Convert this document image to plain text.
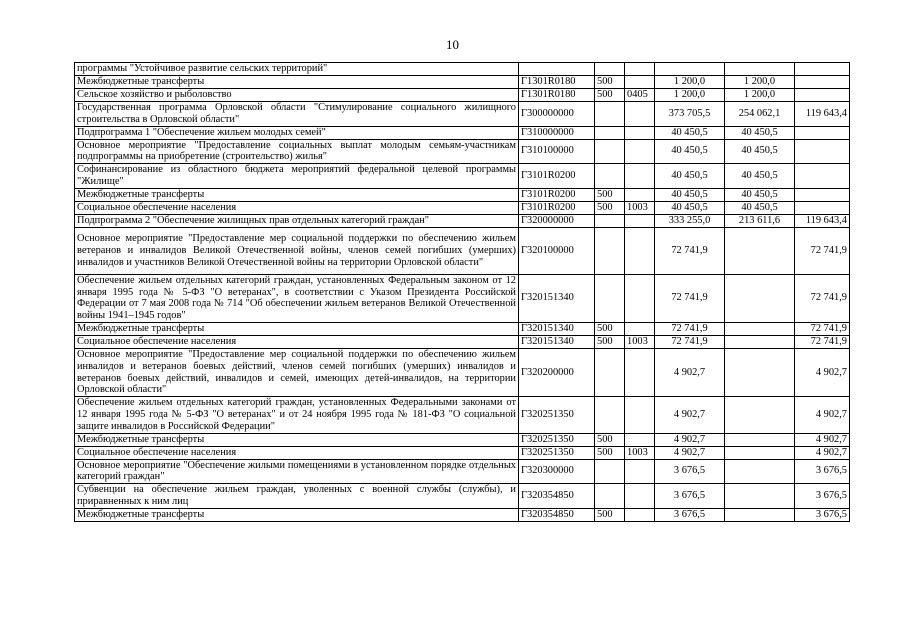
10
программы "Устойчивое развитие сельских территорий"						
Межбюджетные трансферты	Г1301R0180	500		1 200,0	1 200,0	
Сельское хозяйство и рыболовство	Г1301R0180	500	0405	1 200,0	1 200,0	
Государственная программа Орловской области "Стимулирование социального жилищного строительства в Орловской области"	Г300000000			373 705,5	254 062,1	119 643,4
Подпрограмма 1 "Обеспечение жильем молодых семей"	Г310000000			40 450,5	40 450,5	
Основное мероприятие "Предоставление социальных выплат молодым семьям-участникам подпрограммы на приобретение (строительство) жилья"	Г310100000			40 450,5	40 450,5	
Софинансирование из областного бюджета мероприятий федеральной целевой программы "Жилище"	Г3101R0200			40 450,5	40 450,5	
Межбюджетные трансферты	Г3101R0200	500		40 450,5	40 450,5	
Социальное обеспечение населения	Г3101R0200	500	1003	40 450,5	40 450,5	
Подпрограмма 2 "Обеспечение жилищных прав отдельных категорий граждан"	Г320000000			333 255,0	213 611,6	119 643,4
Основное мероприятие "Предоставление мер социальной поддержки по обеспечению жильем ветеранов и инвалидов Великой Отечественной войны, членов семей погибших (умерших) инвалидов и участников Великой Отечественной войны на территории Орловской области"	Г320100000			72 741,9		72 741,9
Обеспечение жильем отдельных категорий граждан, установленных Федеральным законом от 12 января 1995 года № 5-ФЗ "О ветеранах", в соответствии с Указом Президента Российской Федерации от 7 мая 2008 года № 714 "Об обеспечении жильем ветеранов Великой Отечественной войны 1941–1945 годов"	Г320151340			72 741,9		72 741,9
Межбюджетные трансферты	Г320151340	500		72 741,9		72 741,9
Социальное обеспечение населения	Г320151340	500	1003	72 741,9		72 741,9
Основное мероприятие "Предоставление мер социальной поддержки по обеспечению жильем инвалидов и ветеранов боевых действий, членов семей погибших (умерших) инвалидов и ветеранов боевых действий, инвалидов и семей, имеющих детей-инвалидов, на территории Орловской области"	Г320200000			4 902,7		4 902,7
Обеспечение жильем отдельных категорий граждан, установленных Федеральными законами от 12 января 1995 года № 5-ФЗ "О ветеранах" и от 24 ноября 1995 года № 181-ФЗ "О социальной защите инвалидов в Российской Федерации"	Г320251350			4 902,7		4 902,7
Межбюджетные трансферты	Г320251350	500		4 902,7		4 902,7
Социальное обеспечение населения	Г320251350	500	1003	4 902,7		4 902,7
Основное мероприятие "Обеспечение жилыми помещениями в установленном порядке отдельных категорий граждан"	Г320300000			3 676,5		3 676,5
Субвенции на обеспечение жильем граждан, уволенных с военной службы (службы), и приравненных к ним лиц	Г320354850			3 676,5		3 676,5
Межбюджетные трансферты	Г320354850	500		3 676,5		3 676,5
